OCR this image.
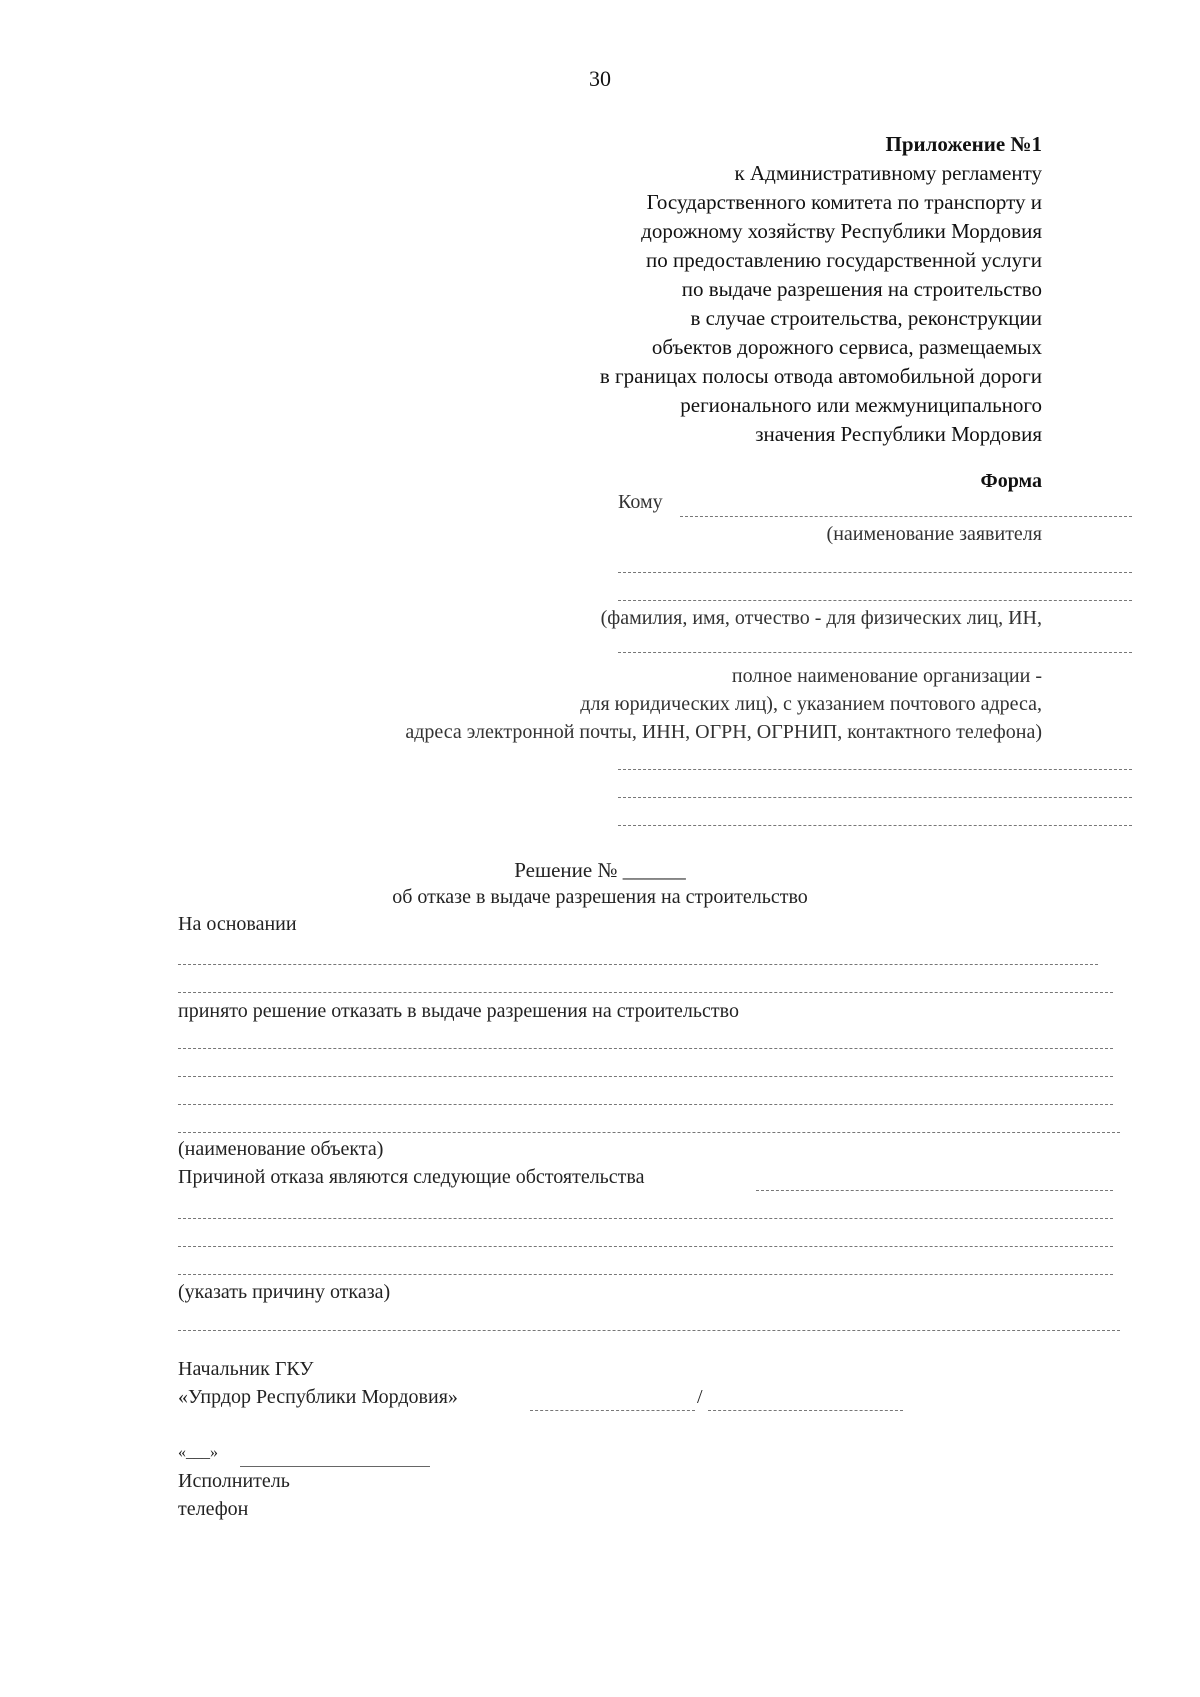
30
Приложение №1
к Административному регламенту
Государственного комитета по транспорту и
дорожному хозяйству Республики Мордовия
по предоставлению государственной услуги
по выдаче разрешения на строительство
в случае строительства, реконструкции
объектов дорожного сервиса, размещаемых
в границах полосы отвода автомобильной дороги
регионального или межмуниципального
значения Республики Мордовия
Форма
Кому
(наименование заявителя
(фамилия, имя, отчество - для физических лиц, ИН,
полное наименование организации -
для юридических лиц), с указанием почтового адреса,
адреса электронной почты, ИНН, ОГРН, ОГРНИП, контактного телефона)
Решение № ______
об отказе в выдаче разрешения на строительство
На основании
принято решение отказать в выдаче разрешения на строительство
(наименование объекта)
Причиной отказа являются следующие обстоятельства
(указать причину отказа)
Начальник ГКУ
«Упрдор Республики Мордовия»	/
«___»
Исполнитель
телефон
